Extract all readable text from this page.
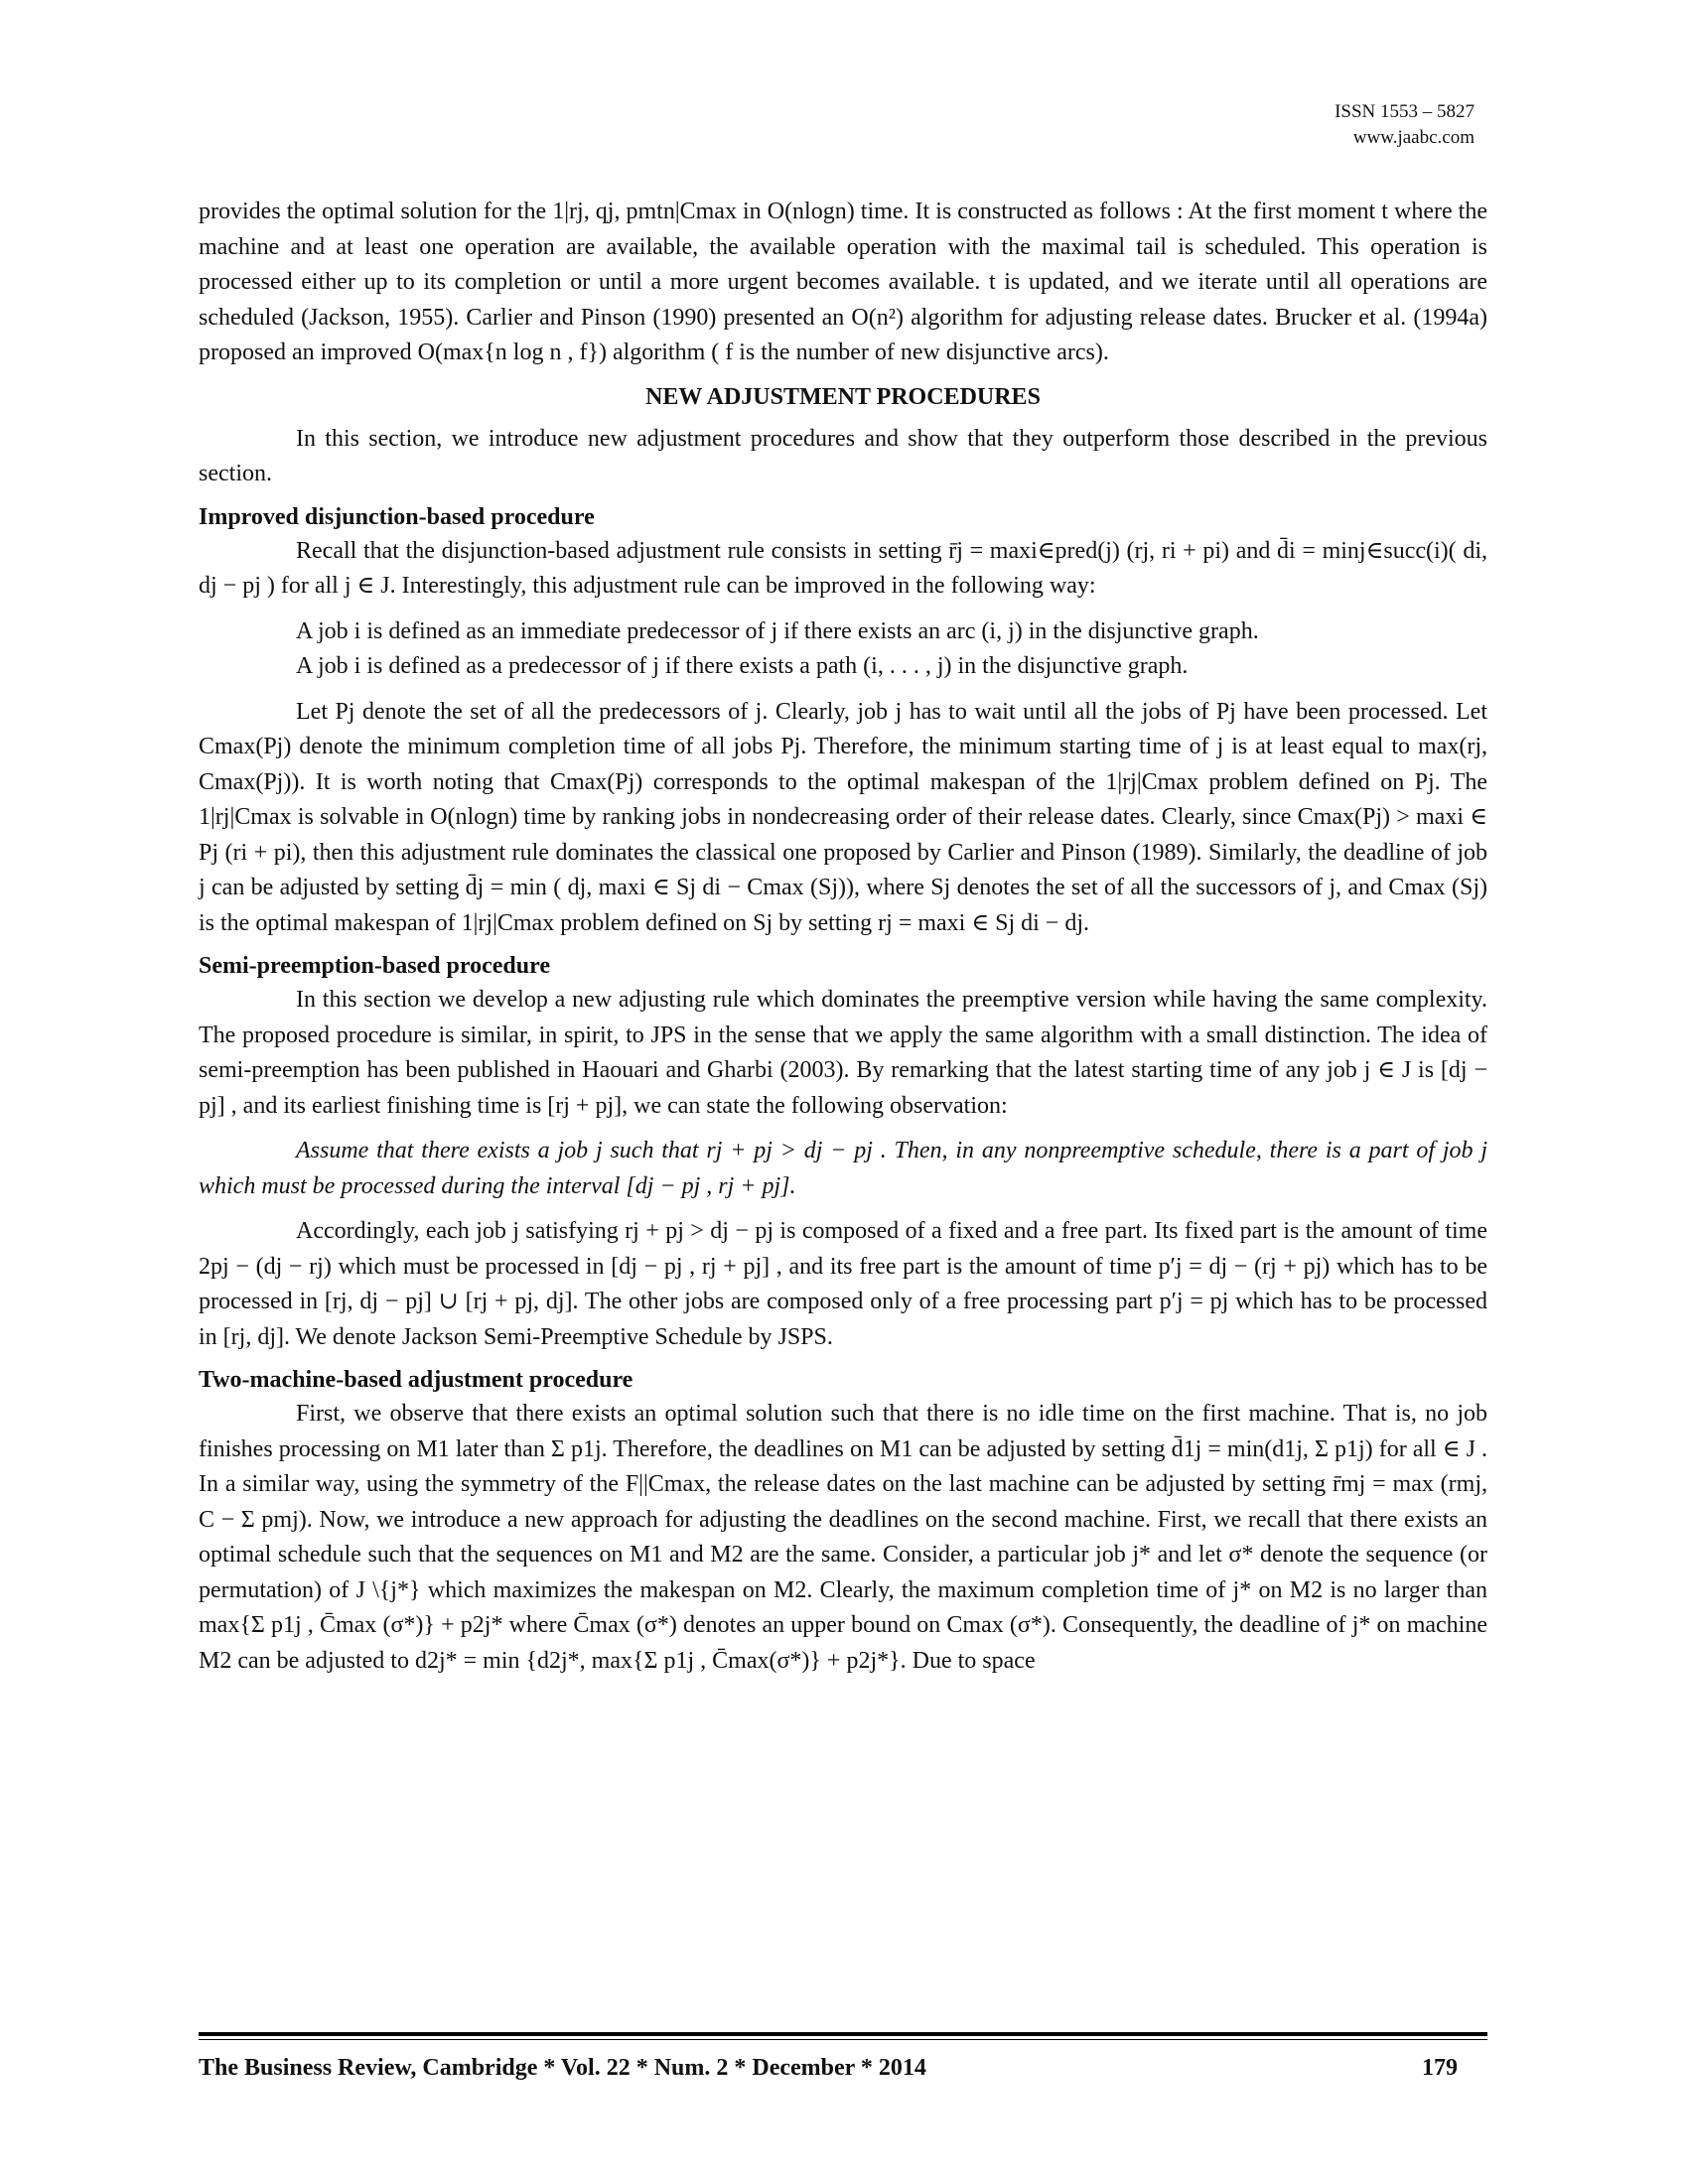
ISSN 1553 – 5827
www.jaabc.com

provides the optimal solution for the 1|rj, qj, pmtn|Cmax in O(nlogn) time. It is constructed as follows : At the first moment t where the machine and at least one operation are available, the available operation with the maximal tail is scheduled. This operation is processed either up to its completion or until a more urgent becomes available. t is updated, and we iterate until all operations are scheduled (Jackson, 1955). Carlier and Pinson (1990) presented an O(n²) algorithm for adjusting release dates. Brucker et al. (1994a) proposed an improved O(max{n log n , f}) algorithm ( f is the number of new disjunctive arcs).

NEW ADJUSTMENT PROCEDURES

In this section, we introduce new adjustment procedures and show that they outperform those described in the previous section.

Improved disjunction-based procedure

Recall that the disjunction-based adjustment rule consists in setting r̄j = maxi∈pred(j) (rj, ri + pi) and d̄i = minj∈succ(i)( di, dj − pj ) for all j ∈ J. Interestingly, this adjustment rule can be improved in the following way:

A job i is defined as an immediate predecessor of j if there exists an arc (i, j) in the disjunctive graph.

A job i is defined as a predecessor of j if there exists a path (i, . . . , j) in the disjunctive graph.

Let Pj denote the set of all the predecessors of j. Clearly, job j has to wait until all the jobs of Pj have been processed. Let Cmax(Pj) denote the minimum completion time of all jobs Pj. Therefore, the minimum starting time of j is at least equal to max(rj, Cmax(Pj)). It is worth noting that Cmax(Pj) corresponds to the optimal makespan of the 1|rj|Cmax problem defined on Pj. The 1|rj|Cmax is solvable in O(nlogn) time by ranking jobs in nondecreasing order of their release dates. Clearly, since Cmax(Pj) > maxi ∈ Pj (ri + pi), then this adjustment rule dominates the classical one proposed by Carlier and Pinson (1989). Similarly, the deadline of job j can be adjusted by setting d̄j = min ( dj, maxi ∈ Sj di − Cmax (Sj)), where Sj denotes the set of all the successors of j, and Cmax (Sj) is the optimal makespan of 1|rj|Cmax problem defined on Sj by setting rj = maxi ∈ Sj di − dj.

Semi-preemption-based procedure

In this section we develop a new adjusting rule which dominates the preemptive version while having the same complexity. The proposed procedure is similar, in spirit, to JPS in the sense that we apply the same algorithm with a small distinction. The idea of semi-preemption has been published in Haouari and Gharbi (2003). By remarking that the latest starting time of any job j ∈ J is [dj − pj] , and its earliest finishing time is [rj + pj], we can state the following observation:

Assume that there exists a job j such that rj + pj > dj − pj . Then, in any nonpreemptive schedule, there is a part of job j which must be processed during the interval [dj − pj , rj + pj].

Accordingly, each job j satisfying rj + pj > dj − pj is composed of a fixed and a free part. Its fixed part is the amount of time 2pj − (dj − rj) which must be processed in [dj − pj , rj + pj] , and its free part is the amount of time p′j = dj − (rj + pj) which has to be processed in [rj, dj − pj] ∪ [rj + pj, dj]. The other jobs are composed only of a free processing part p′j = pj which has to be processed in [rj, dj]. We denote Jackson Semi-Preemptive Schedule by JSPS.

Two-machine-based adjustment procedure

First, we observe that there exists an optimal solution such that there is no idle time on the first machine. That is, no job finishes processing on M1 later than Σ p1j. Therefore, the deadlines on M1 can be adjusted by setting d̄1j = min(d1j, Σ p1j) for all ∈ J . In a similar way, using the symmetry of the F||Cmax, the release dates on the last machine can be adjusted by setting r̄mj = max (rmj, C − Σ pmj). Now, we introduce a new approach for adjusting the deadlines on the second machine. First, we recall that there exists an optimal schedule such that the sequences on M1 and M2 are the same. Consider, a particular job j* and let σ* denote the sequence (or permutation) of J \{j*} which maximizes the makespan on M2. Clearly, the maximum completion time of j* on M2 is no larger than max{Σ p1j , C̄max (σ*)} + p2j* where C̄max (σ*) denotes an upper bound on Cmax (σ*). Consequently, the deadline of j* on machine M2 can be adjusted to d2j* = min {d2j*, max{Σ p1j , C̄max(σ*)} + p2j*}. Due to space

The Business Review, Cambridge * Vol. 22 * Num. 2 * December * 2014	179
